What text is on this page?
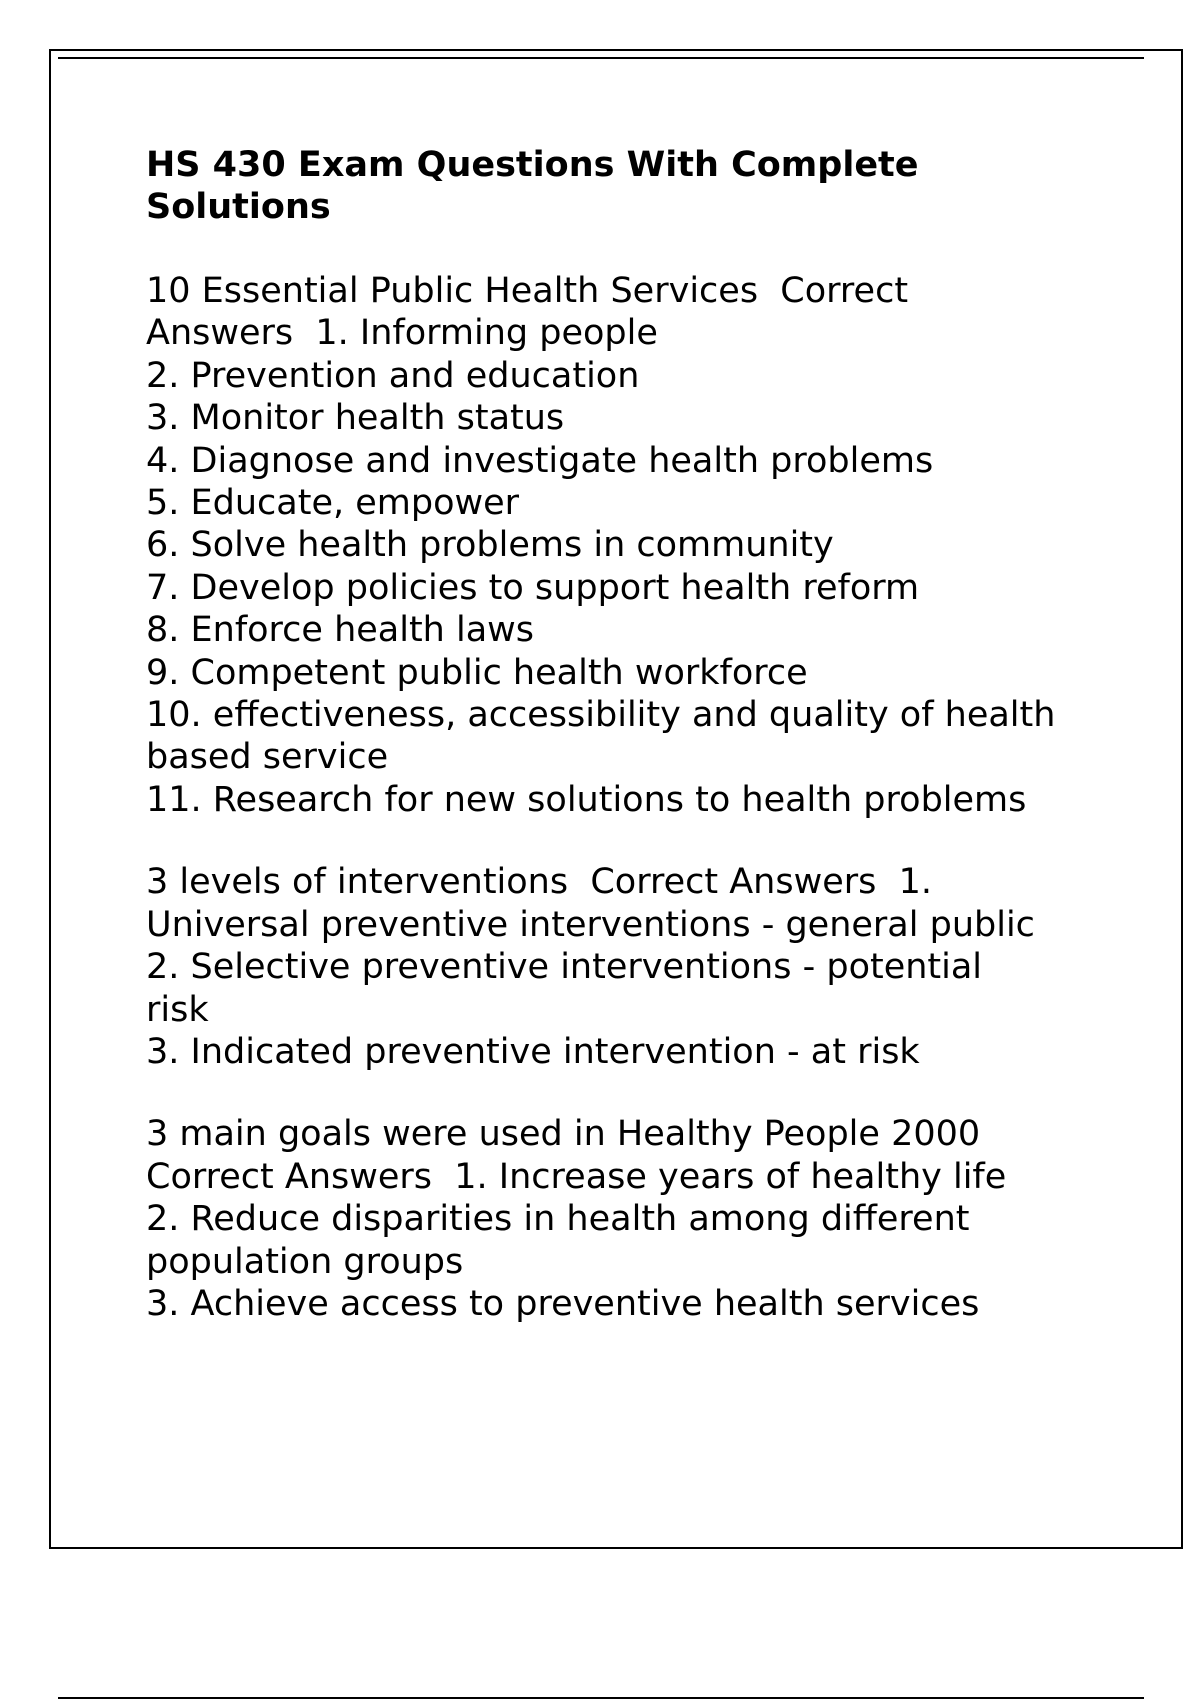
HS 430 Exam Questions With Complete
Solutions
10 Essential Public Health Services  Correct
Answers  1. Informing people
2. Prevention and education
3. Monitor health status
4. Diagnose and investigate health problems
5. Educate, empower
6. Solve health problems in community
7. Develop policies to support health reform
8. Enforce health laws
9. Competent public health workforce
10. effectiveness, accessibility and quality of health
based service
11. Research for new solutions to health problems
3 levels of interventions  Correct Answers  1.
Universal preventive interventions - general public
2. Selective preventive interventions - potential
risk
3. Indicated preventive intervention - at risk
3 main goals were used in Healthy People 2000
Correct Answers  1. Increase years of healthy life
2. Reduce disparities in health among different
population groups
3. Achieve access to preventive health services
